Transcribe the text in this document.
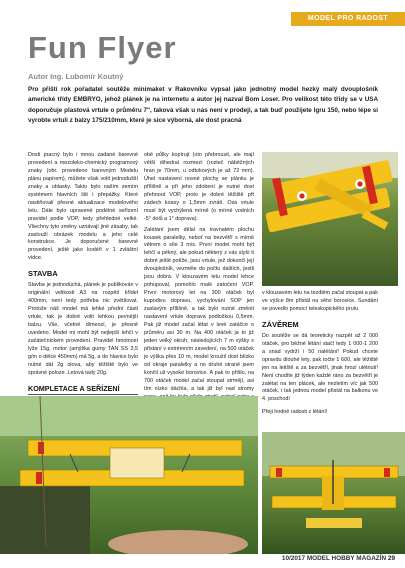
MODEL PRO RADOST
Fun Flyer
Autor Ing. Lubomír Koutný

Pro příští rok pořadatel soutěže minimaket v Rakovníku vypsal jako jednotný model hezký malý dvouplošník americké třídy EMBRYO, jehož plánek je na internetu a autor jej nazval Bom Loser. Pro velikost této třídy se v USA doporučuje plastová vrtule o průměru 7", taková však u nás není v prodeji, a tak buď použijete lgru 150, nebo lépe si vyrobte vrtuli z balzy 175/210mm, které je sice výborná, ale dost pracná

Dosti pracný bylo i mnou zadané barevné provedení a mezoleko-chemický programový znaky (obr. provedeno barevným Modelu plánu papírem), můžete však volit jednodušší znaky a oblasky. Takto bylo naším zemím systémem hlavních lišt i přepážky. Které nastiňovali přesné aktualizace modelového letu. Dále bylo upravené podélné seřízení pravidel podle VOP, tedy přehledné velké. Všechny tyto změny uznávají jiné zásaby, tak zaslouží obrázek modelu a jeho celé konstrukce. Je doporučené barevné provedení, ještě jako kodéři v 1 zvláštní vídce.

STAVBA

Stavba je jednoduchá, plánek je publikován v originální velikosti A3 na rozpětí křídel 400mm, není tedy potřeba nic zvětšovat. Protože náš model má lehké přední části vrtule, tak je dobré volit lehkou pevnější balzu. Vše, včetně dimenzí, je přesně uvedeno. Model mi mohl být nejlepší lehčí v začátečnickém provedení. Pravidel hmotnost lyže 15g, motor (amýška gumy TAN SS 3,5 g/m o délce 450mm) má 5g, a do hlavice bylo nutné dát 2g olova, aby těžiště bylo ve správné poloze. Letová tady 20g.

KOMPLETACE A SEŘÍZENÍ

obě půlky kopírují (oto přebrousit, ale mají větší dihedral rozmezí (rozteč náběžných hran je 70mm, u odtokových je až 72 mm). Úhel nastavení nosné plochy se plánku je přílišně a při jeho zdobení je nutné dost přehnout VOP, proto je dobré těžiště přt zádech koaxy o 1,5mm zvrátí. Osa vrtule musí být vychýlená mírně (o mírné vodních -5° dolů a 1° doprava).

Zalétání jsem dělal na travnatém plochu kousek paralelky, neboť na bezvětří s mírně větrem o síle 3 m/s. První model mohl být lehčí a pěkný, ale pokud některý z vás slyší ti dobré ještě potíže, jsou vrtule, jež dokonči její dvouplošník, vezměte do počtu dalších, jestli jsou dobrá. V klouzavém letu model lehce pohupoval, pomohlo malé zatočení VOP. První motorový let na 300 otáček byl kupodivu dopravu, vychylování SOP jen zaslavým přílišně, a tak bylo nutné změnit nastavení vrtule doprava podložkou 0,5mm. Pak již model začal létat v levé zatáčce o průměru asi 30 m. Na 400 otáček ja to již jeden velký okruh, následujících 7 m výšky s přistání v extrémním zavedení, na 500 otáček je výška přes 10 m, model kroužil dost blízko od okraje paralelky a no druhé straně jsem končil už vysoké borovice. A pak to přišlo, na 700 otáček model začal stoupat strmějí, asi tím nízko dáchla, a tak již byl nad stromy

v klouzavém letu na tezdlém začal stoupat a pak ve výšce 8m přistál na větvi borovice. Sundání se povedlo pomocí teleskopického prutu

ZÁVĚREM

Do soutěže se dá teoreticky nazpět až 2 000 otáček, pro běžné létání stačí tedy 1 000-1 200 a snad vydrží i 50 nalétání! Pokud chcete opravdu dlouhé lety, pak točte 1 600, ale těžiště jen na letiště a za bezvětří, jinak hrozí ulétnutí! Není chodíte již týden každé ráno za bezvětří je zalétat na ten plácek, ale nezletím víc jak 500 otáček, i tak jednou model přistál na balkonu ve 4. poschodí

Přeji hodně radosti z létání!

10/2017 MODEL HOBBY MAGAZÍN 29
